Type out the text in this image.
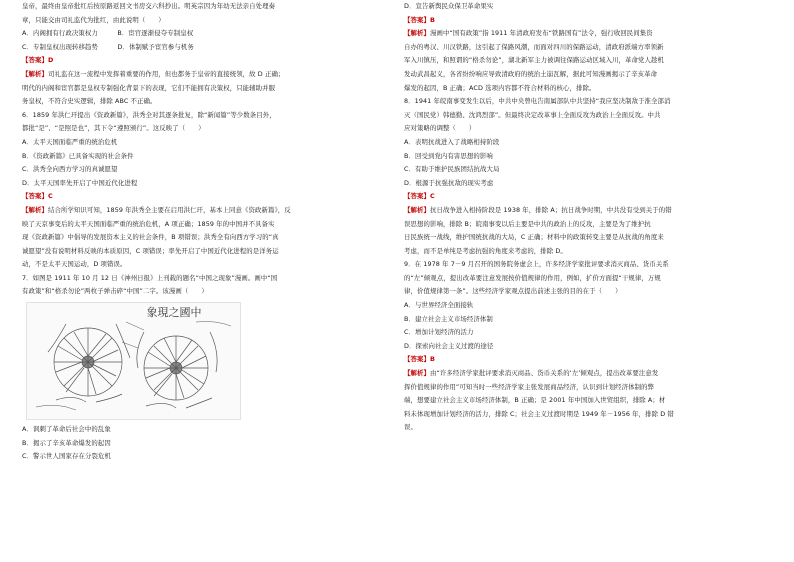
皇帝，最终由皇帝批红后按原路返回文书房交六科抄出。明英宗因为年幼无法亲自处理奏
章，只能交由司礼监代为批红，由此说明（　　）
A．内阁拥有行政决策权力　　　B．宦官逐渐侵夺专制皇权
C．专制皇权出现转移趋势　　　D．体制赋予宦官参与机务
【答案】D
【解析】司礼监在这一流程中发挥着重要的作用，但也都务于皇帝的直接统领，故 D 正确；
明代的内阁和宦官都是皇权专制强化背景下的表现，它们不能拥有决策权，只能辅助并服
务皇权，不符合史实逻辑，排除 ABC 不正确。
6．1859 年洪仁玕提出《资政新篇》，洪秀全对其逐条批复，除“新闻篇”等少数条目外，
都批“是”、“是照是也”，其下令“遵照颁行”。这反映了（　　）
A．太平天国面临严重的统治危机
B．《资政新篇》已具备实现的社会条件
C．洪秀全向西方学习的真诚愿望
D．太平天国率先开启了中国近代化进程
【答案】C
【解析】结合所学知识可知，1859 年洪秀全主要在启用洪仁玕，基本上同意《资政新篇》，反
映了天京事变后的太平天国面临严重的统治危机，A 项正确；1859 年的中国并不具备实
现《资政新篇》中倡导的发展资本主义的社会条件，B 项错误；洪秀全有向西方学习的“真
诚愿望”没有说明材料反映的本质原因，C 项错误；率先开启了中国近代化进程的是洋务运
动，不是太平天国运动，D 项错误。
7．如图是 1911 年 10 月 12 日《神州日报》上刊载的题名“中国之现象”漫画。画中“国
有政策”和“格杀勿论”两枚子弹击碎“中国”二字。该漫画（　　）
象現之國中
A．讽刺了革命后社会中的乱象
B．揭示了辛亥革命爆发的起因
C．警示世人国家存在分裂危机
D．宣告新舆民众保卫革命果实
【答案】B
【解析】漫画中“国有政策”指 1911 年清政府发布“铁路国有”法令，强行收回民间集资
自办的粤汉、川汉铁路，这引起了保路风潮，而面对四川的保路运动，清政府派端方率领新
军入川镇压，和照谓的“格杀勿论”，湖北新军主力被调往保路运动区域入川，革命党人趁机
发动武昌起义，各省纷纷响应导致清政府的统治土崩瓦解，据此可知漫画揭示了辛亥革命
爆发的起因，B 正确；ACD 选项内容都不符合材料的核心，排除。
8．1941 年皖南事变发生以后，中共中央曾电告南属部队中共坚持“我应坚决制敌于淮全部消
灭（国民党）韩德勤、沈鸿烈部”。但最终决定改革事上全面反攻为政治上全面反攻。中共
应对策略的调整（　　）
A．表明抗战进入了战略相持阶段
B．回受到党内有害思想的影响
C．有助于维护民族团结抗战大局
D．根源于抗强抗敌的现实考虑
【答案】C
【解析】抗日战争进入相持阶段是 1938 年，排除 A；抗日战争时期，中共没有受到关于的错
误思想的影响，排除 B；皖南事变以后主要是中共的政治上的反攻，主要是为了维护抗
日民族统一战线，维护国统抗战的大局，C 正确；材料中的政策转变主要是从抗战的角度来
考虑，而不是单纯是考虑抗强的角度来考虑的，排除 D。
9．在 1978 年 7－9 月召开的国务院务虚会上，许多经济学家批评要求消灭商品、货币关系
的“左”倾观点，提出改革要注意发展按价值规律的作用，例如，扩价方面提“干规律，万规
律，价值规律第一条”。这些经济学家观点提出前述主张的目的在于（　　）
A．与世界经济全面接轨
B．建立社会主义市场经济体制
C．增加计划经济的活力
D．探索向社会主义过渡的途径
【答案】B
【解析】由“许多经济学家批评要求消灭商品、货币关系的‘左’倾观点，提出改革要注意发
挥价值规律的作用”可知当时一些经济学家主张发展商品经济，认识到计划经济体制的弊
端，想要建立社会主义市场经济体制，B 正确；是 2001 年中国加入世贸组织，排除 A；材
料未体现增加计划经济的活力，排除 C；社会主义过渡时期是 1949 年－1956 年，排除 D 错
误。
